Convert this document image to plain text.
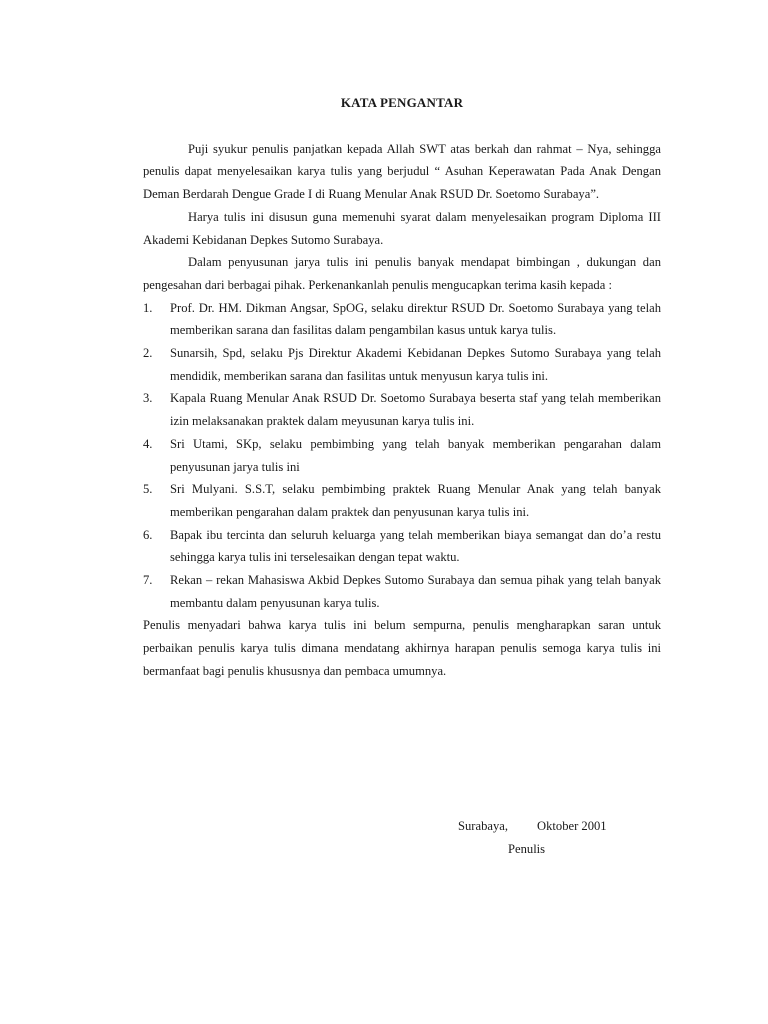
KATA PENGANTAR

Puji syukur penulis panjatkan kepada Allah SWT atas berkah dan rahmat – Nya, sehingga penulis dapat menyelesaikan karya tulis yang berjudul “ Asuhan Keperawatan Pada Anak Dengan Deman Berdarah Dengue Grade I di Ruang Menular Anak RSUD Dr. Soetomo Surabaya”.

Harya tulis ini disusun guna memenuhi syarat dalam menyelesaikan program Diploma III Akademi Kebidanan Depkes Sutomo Surabaya.

Dalam penyusunan jarya tulis ini penulis banyak mendapat bimbingan , dukungan dan pengesahan dari berbagai pihak. Perkenankanlah penulis mengucapkan terima kasih kepada :

1. Prof. Dr. HM. Dikman Angsar, SpOG, selaku direktur RSUD Dr. Soetomo Surabaya yang telah memberikan sarana dan fasilitas dalam pengambilan kasus untuk karya tulis.
2. Sunarsih, Spd, selaku Pjs Direktur Akademi Kebidanan Depkes Sutomo Surabaya yang telah mendidik, memberikan sarana dan fasilitas untuk menyusun karya tulis ini.
3. Kapala Ruang Menular Anak RSUD Dr. Soetomo Surabaya beserta staf yang telah memberikan izin melaksanakan praktek dalam meyusunan karya tulis ini.
4. Sri Utami, SKp, selaku pembimbing yang telah banyak memberikan pengarahan dalam penyusunan jarya tulis ini
5. Sri Mulyani. S.S.T, selaku pembimbing praktek Ruang Menular Anak yang telah banyak memberikan pengarahan dalam praktek dan penyusunan karya tulis ini.
6. Bapak ibu tercinta dan seluruh keluarga yang telah memberikan biaya semangat dan do’a restu sehingga karya tulis ini terselesaikan dengan tepat waktu.
7. Rekan – rekan Mahasiswa Akbid Depkes Sutomo Surabaya dan semua pihak yang telah banyak membantu dalam penyusunan karya tulis.

Penulis menyadari bahwa karya tulis ini belum sempurna, penulis mengharapkan saran untuk perbaikan penulis karya tulis dimana mendatang akhirnya harapan penulis semoga karya tulis ini bermanfaat bagi penulis khususnya dan pembaca umumnya.

Surabaya, Oktober 2001
Penulis
